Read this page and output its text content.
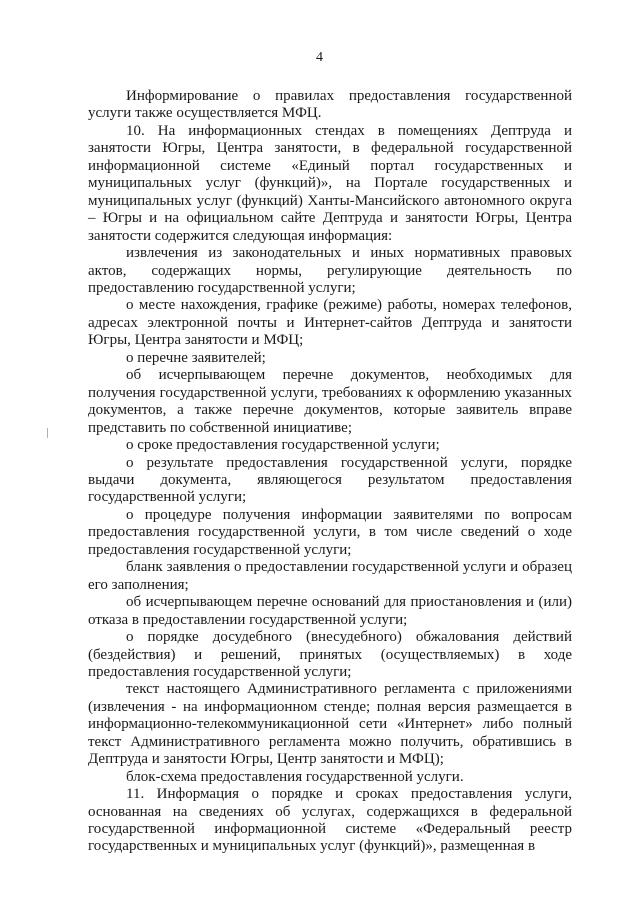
4

Информирование о правилах предоставления государственной услуги также осуществляется МФЦ.

10. На информационных стендах в помещениях Дептруда и занятости Югры, Центра занятости, в федеральной государственной информационной системе «Единый портал государственных и муниципальных услуг (функций)», на Портале государственных и муниципальных услуг (функций) Ханты-Мансийского автономного округа – Югры и на официальном сайте Дептруда и занятости Югры, Центра занятости содержится следующая информация:

извлечения из законодательных и иных нормативных правовых актов, содержащих нормы, регулирующие деятельность по предоставлению государственной услуги;

о месте нахождения, графике (режиме) работы, номерах телефонов, адресах электронной почты и Интернет-сайтов Дептруда и занятости Югры, Центра занятости и МФЦ;

о перечне заявителей;

об исчерпывающем перечне документов, необходимых для получения государственной услуги, требованиях к оформлению указанных документов, а также перечне документов, которые заявитель вправе представить по собственной инициативе;

о сроке предоставления государственной услуги;

о результате предоставления государственной услуги, порядке выдачи документа, являющегося результатом предоставления государственной услуги;

о процедуре получения информации заявителями по вопросам предоставления государственной услуги, в том числе сведений о ходе предоставления государственной услуги;

бланк заявления о предоставлении государственной услуги и образец его заполнения;

об исчерпывающем перечне оснований для приостановления и (или) отказа в предоставлении государственной услуги;

о порядке досудебного (внесудебного) обжалования действий (бездействия) и решений, принятых (осуществляемых) в ходе предоставления государственной услуги;

текст настоящего Административного регламента с приложениями (извлечения - на информационном стенде; полная версия размещается в информационно-телекоммуникационной сети «Интернет» либо полный текст Административного регламента можно получить, обратившись в Дептруда и занятости Югры, Центр занятости и МФЦ);

блок-схема предоставления государственной услуги.

11. Информация о порядке и сроках предоставления услуги, основанная на сведениях об услугах, содержащихся в федеральной государственной информационной системе «Федеральный реестр государственных и муниципальных услуг (функций)», размещенная в
